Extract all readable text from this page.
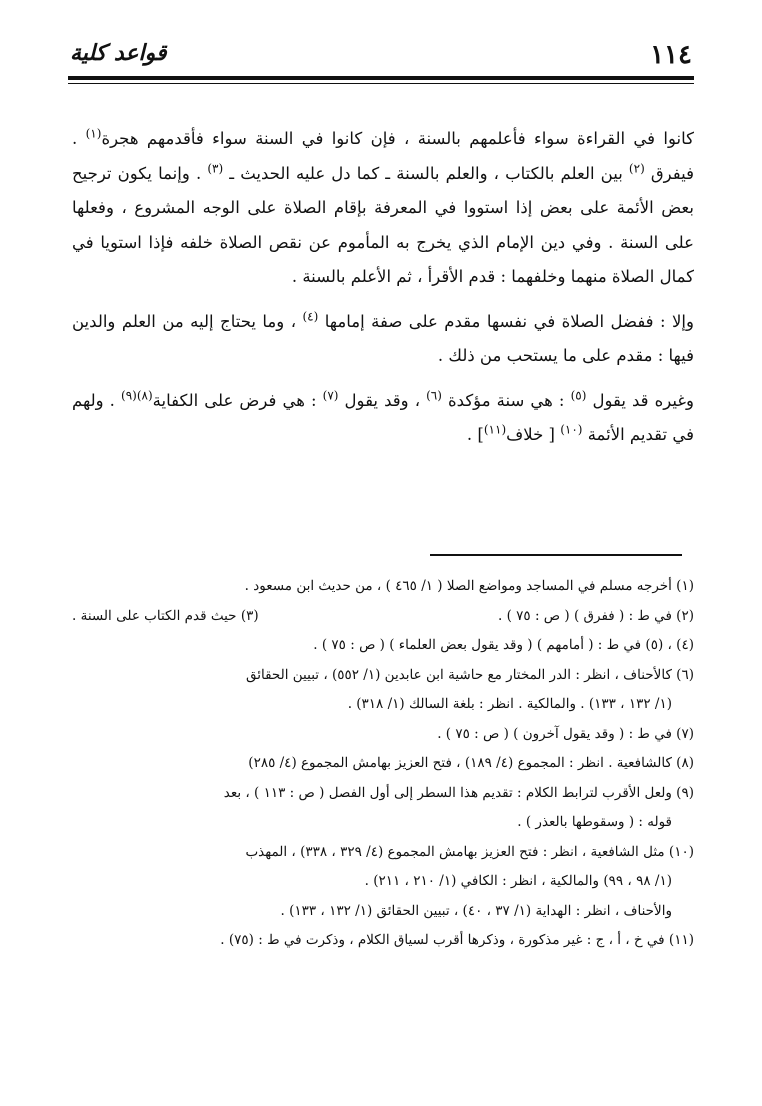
١١٤
قواعد كلية

كانوا في القراءة سواء فأعلمهم بالسنة ، فإن كانوا في السنة سواء فأقدمهم هجرة$^{(١)}$ . فيفرق $^{(٢)}$ بين العلم بالكتاب ، والعلم بالسنة ـ كما دل عليه الحديث ـ $^{(٣)}$ . وإنما يكون ترجيح بعض الأئمة على بعض إذا استووا في المعرفة بإقام الصلاة على الوجه المشروع ، وفعلها على السنة . وفي دين الإمام الذي يخرج به المأموم عن نقص الصلاة خلفه فإذا استويا في كمال الصلاة منهما وخلفهما : قدم الأقرأ ، ثم الأعلم بالسنة .

وإلا : ففضل الصلاة في نفسها مقدم على صفة إمامها $^{(٤)}$ ، وما يحتاج إليه من العلم والدين فيها : مقدم على ما يستحب من ذلك .

وغيره قد يقول $^{(٥)}$ : هي سنة مؤكدة $^{(٦)}$ ، وقد يقول $^{(٧)}$ : هي فرض على الكفاية$^{(٨)(٩)}$ . ولهم في تقديم الأئمة $^{(١٠)}$ [ خلاف$^{(١١)}$] .

(١) أخرجه مسلم في المساجد ومواضع الصلا ( ١/ ٤٦٥ ) ، من حديث ابن مسعود .

(٢) في ط : ( ففرق ) ( ص : ٧٥ ) .
(٣) حيث قدم الكتاب على السنة .

(٤) ، (٥) في ط : ( أمامهم ) ( وقد يقول بعض العلماء ) ( ص : ٧٥ ) .

(٦) كالأحناف ، انظر : الدر المختار مع حاشية ابن عابدين (١/ ٥٥٢) ، تبيين الحقائق

(١/ ١٣٢ ، ١٣٣) . والمالكية . انظر : بلغة السالك (١/ ٣١٨) .

(٧) في ط : ( وقد يقول آخرون ) ( ص : ٧٥ ) .

(٨) كالشافعية . انظر : المجموع (٤/ ١٨٩) ، فتح العزيز بهامش المجموع (٤/ ٢٨٥)

(٩) ولعل الأقرب لترابط الكلام : تقديم هذا السطر إلى أول الفصل ( ص : ١١٣ ) ، بعد

قوله : ( وسقوطها بالعذر ) .

(١٠) مثل الشافعية ، انظر : فتح العزيز بهامش المجموع (٤/ ٣٢٩ ، ٣٣٨) ، المهذب

(١/ ٩٨ ، ٩٩) والمالكية ، انظر : الكافي (١/ ٢١٠ ، ٢١١) .

والأحناف ، انظر : الهداية (١/ ٣٧ ، ٤٠) ، تبيين الحقائق (١/ ١٣٢ ، ١٣٣) .

(١١) في خ ، أ ، ج : غير مذكورة ، وذكرها أقرب لسياق الكلام ، وذكرت في ط : (٧٥) .
